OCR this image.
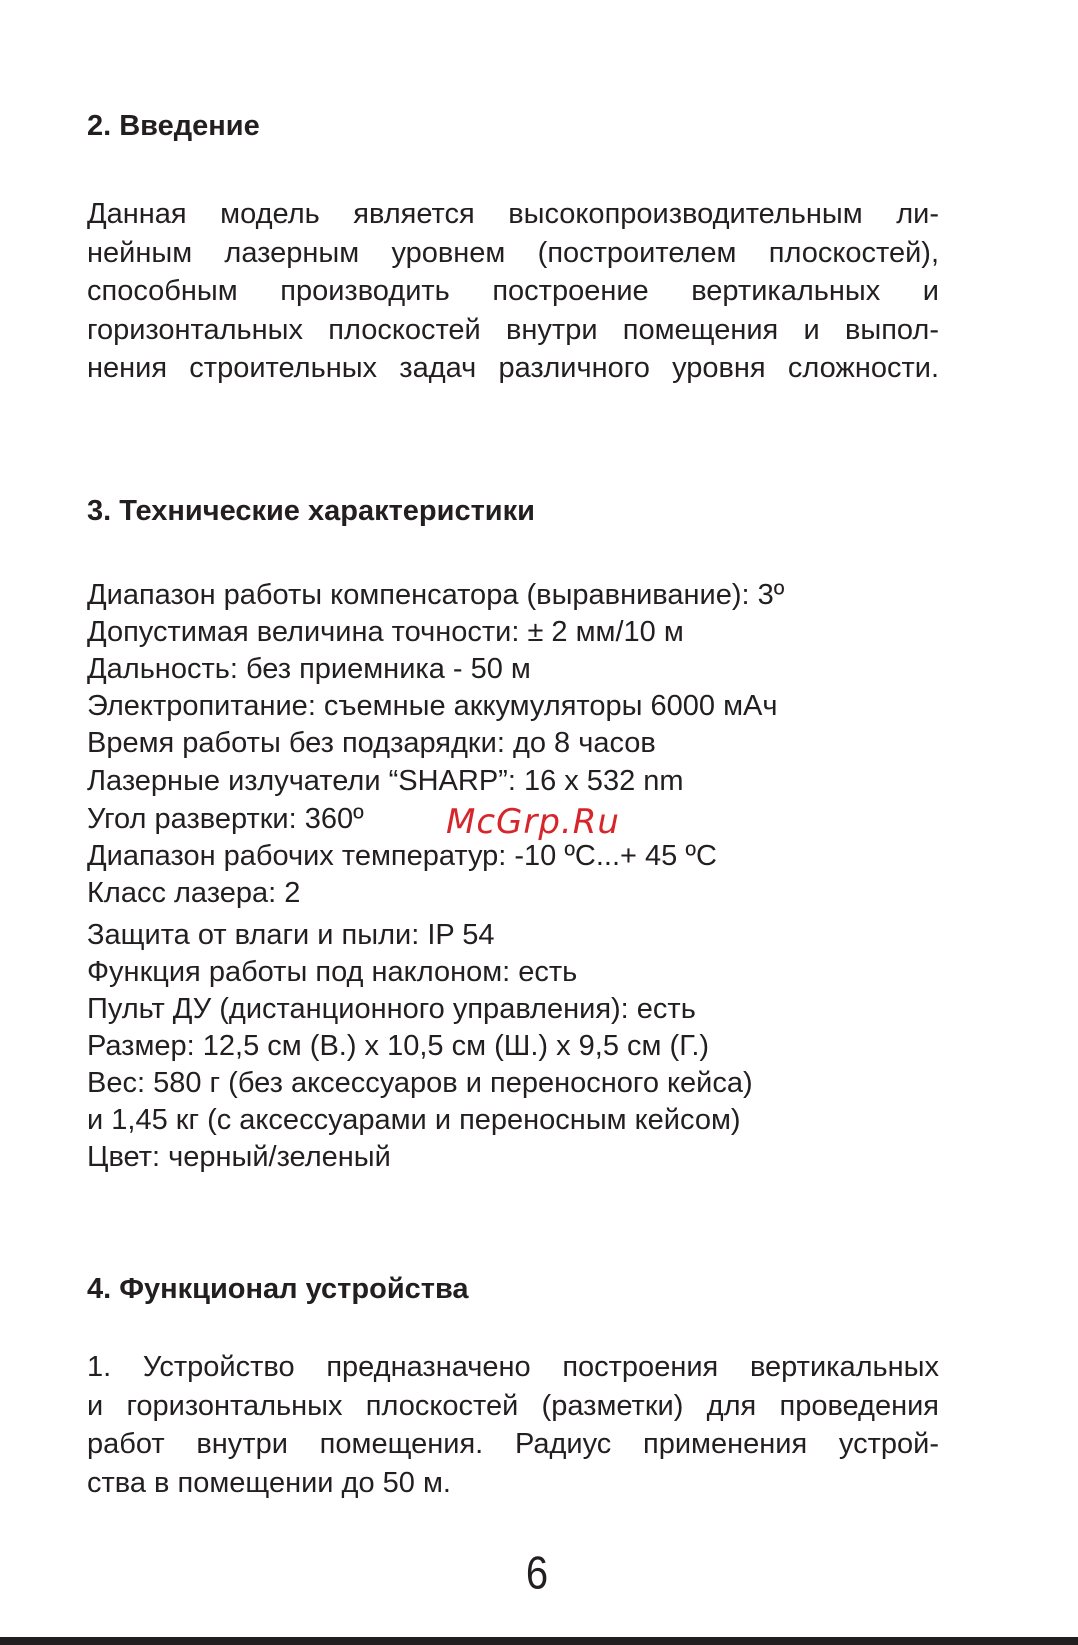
2. Введение
Данная модель является высокопроизводительным ли-
нейным лазерным уровнем (построителем плоскостей),
способным производить построение вертикальных и
горизонтальных плоскостей внутри помещения и выпол-
нения строительных задач различного уровня сложности.
3. Технические характеристики
Диапазон работы компенсатора (выравнивание): 3º
Допустимая величина точности: ± 2 мм/10 м
Дальность: без приемника - 50 м
Электропитание: съемные аккумуляторы 6000 мАч
Время работы без подзарядки: до 8 часов
Лазерные излучатели “SHARP”: 16 x 532 nm
Угол развертки: 360º
Диапазон рабочих температур: -10 ºС...+ 45 ºС
Класс лазера: 2
Защита от влаги и пыли: IP 54
Функция работы под наклоном: есть
Пульт ДУ (дистанционного управления): есть
Размер: 12,5 см (В.) x 10,5 см (Ш.) x 9,5 см (Г.)
Вес: 580 г (без аксессуаров и переносного кейса)
и 1,45 кг (с аксессуарами и переносным кейсом)
Цвет: черный/зеленый
McGrp.Ru
4. Функционал устройства
1. Устройство предназначено построения вертикальных
и горизонтальных плоскостей (разметки) для проведения
работ внутри помещения. Радиус применения устрой-
ства в помещении до 50 м.
6
